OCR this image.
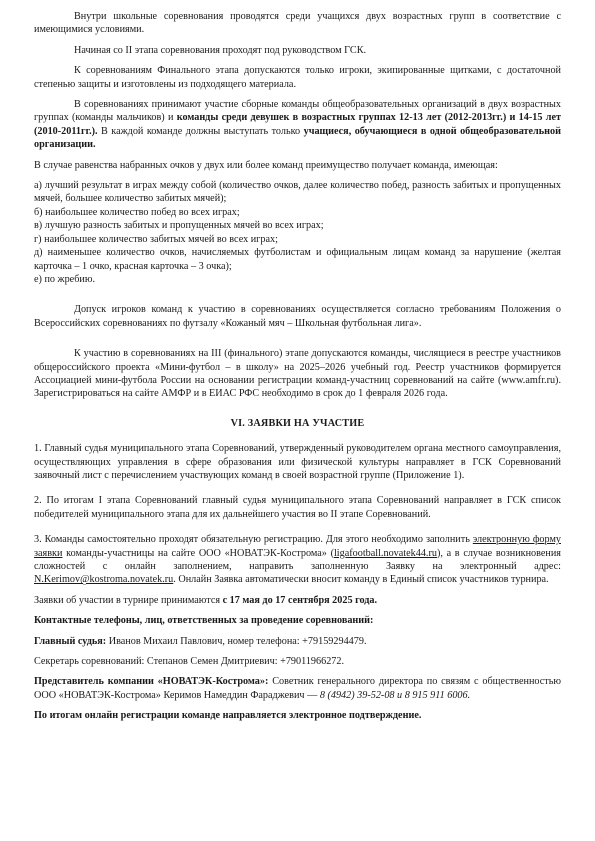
Внутри школьные соревнования проводятся среди учащихся двух возрастных групп в соответствие с имеющимися условиями.

Начиная со II этапа соревнования проходят под руководством ГСК.

К соревнованиям Финального этапа допускаются только игроки, экипированные щитками, с достаточной степенью защиты и изготовлены из подходящего материала.

В соревнованиях принимают участие сборные команды общеобразовательных организаций в двух возрастных группах (команды мальчиков) и команды среди девушек в возрастных группах 12-13 лет (2012-2013гг.) и 14-15 лет (2010-2011гг.). В каждой команде должны выступать только учащиеся, обучающиеся в одной общеобразовательной организации.

В случае равенства набранных очков у двух или более команд преимущество получает команда, имеющая:

а) лучший результат в играх между собой (количество очков, далее количество побед, разность забитых и пропущенных мячей, большее количество забитых мячей);

б) наибольшее количество побед во всех играх;

в) лучшую разность забитых и пропущенных мячей во всех играх;

г) наибольшее количество забитых мячей во всех играх;

д) наименьшее количество очков, начисляемых футболистам и официальным лицам команд за нарушение (желтая карточка – 1 очко, красная карточка – 3 очка);

е) по жребию.

Допуск игроков команд к участию в соревнованиях осуществляется согласно требованиям Положения о Всероссийских соревнованиях по футзалу «Кожаный мяч – Школьная футбольная лига».

К участию в соревнованиях на III (финального) этапе допускаются команды, числящиеся в реестре участников общероссийского проекта «Мини-футбол – в школу» на 2025–2026 учебный год. Реестр участников формируется Ассоциацией мини-футбола России на основании регистрации команд-участниц соревнований на сайте (www.amfr.ru). Зарегистрироваться на сайте АМФР и в ЕИАС РФС необходимо в срок до 1 февраля 2026 года.

VI. ЗАЯВКИ НА УЧАСТИЕ

1. Главный судья муниципального этапа Соревнований, утвержденный руководителем органа местного самоуправления, осуществляющих управления в сфере образования или физической культуры направляет в ГСК Соревнований заявочный лист с перечислением участвующих команд в своей возрастной группе (Приложение 1).

2. По итогам I этапа Соревнований главный судья муниципального этапа Соревнований направляет в ГСК список победителей муниципального этапа для их дальнейшего участия во II этапе Соревнований.

3. Команды самостоятельно проходят обязательную регистрацию. Для этого необходимо заполнить электронную форму заявки команды-участницы на сайте ООО «НОВАТЭК-Кострома» (ligafootball.novatek44.ru), а в случае возникновения сложностей с онлайн заполнением, направить заполненную Заявку на электронный адрес: N.Kerimov@kostroma.novatek.ru. Онлайн Заявка автоматически вносит команду в Единый список участников турнира.

Заявки об участии в турнире принимаются с 17 мая до 17 сентября 2025 года.

Контактные телефоны, лиц, ответственных за проведение соревнований:

Главный судья: Иванов Михаил Павлович, номер телефона: +79159294479.

Секретарь соревнований: Степанов Семен Дмитриевич: +79011966272.

Представитель компании «НОВАТЭК-Кострома»: Советник генерального директора по связям с общественностью ООО «НОВАТЭК-Кострома» Керимов Намеддин Фараджевич — 8 (4942) 39-52-08 и 8 915 911 6006.

По итогам онлайн регистрации команде направляется электронное подтверждение.
